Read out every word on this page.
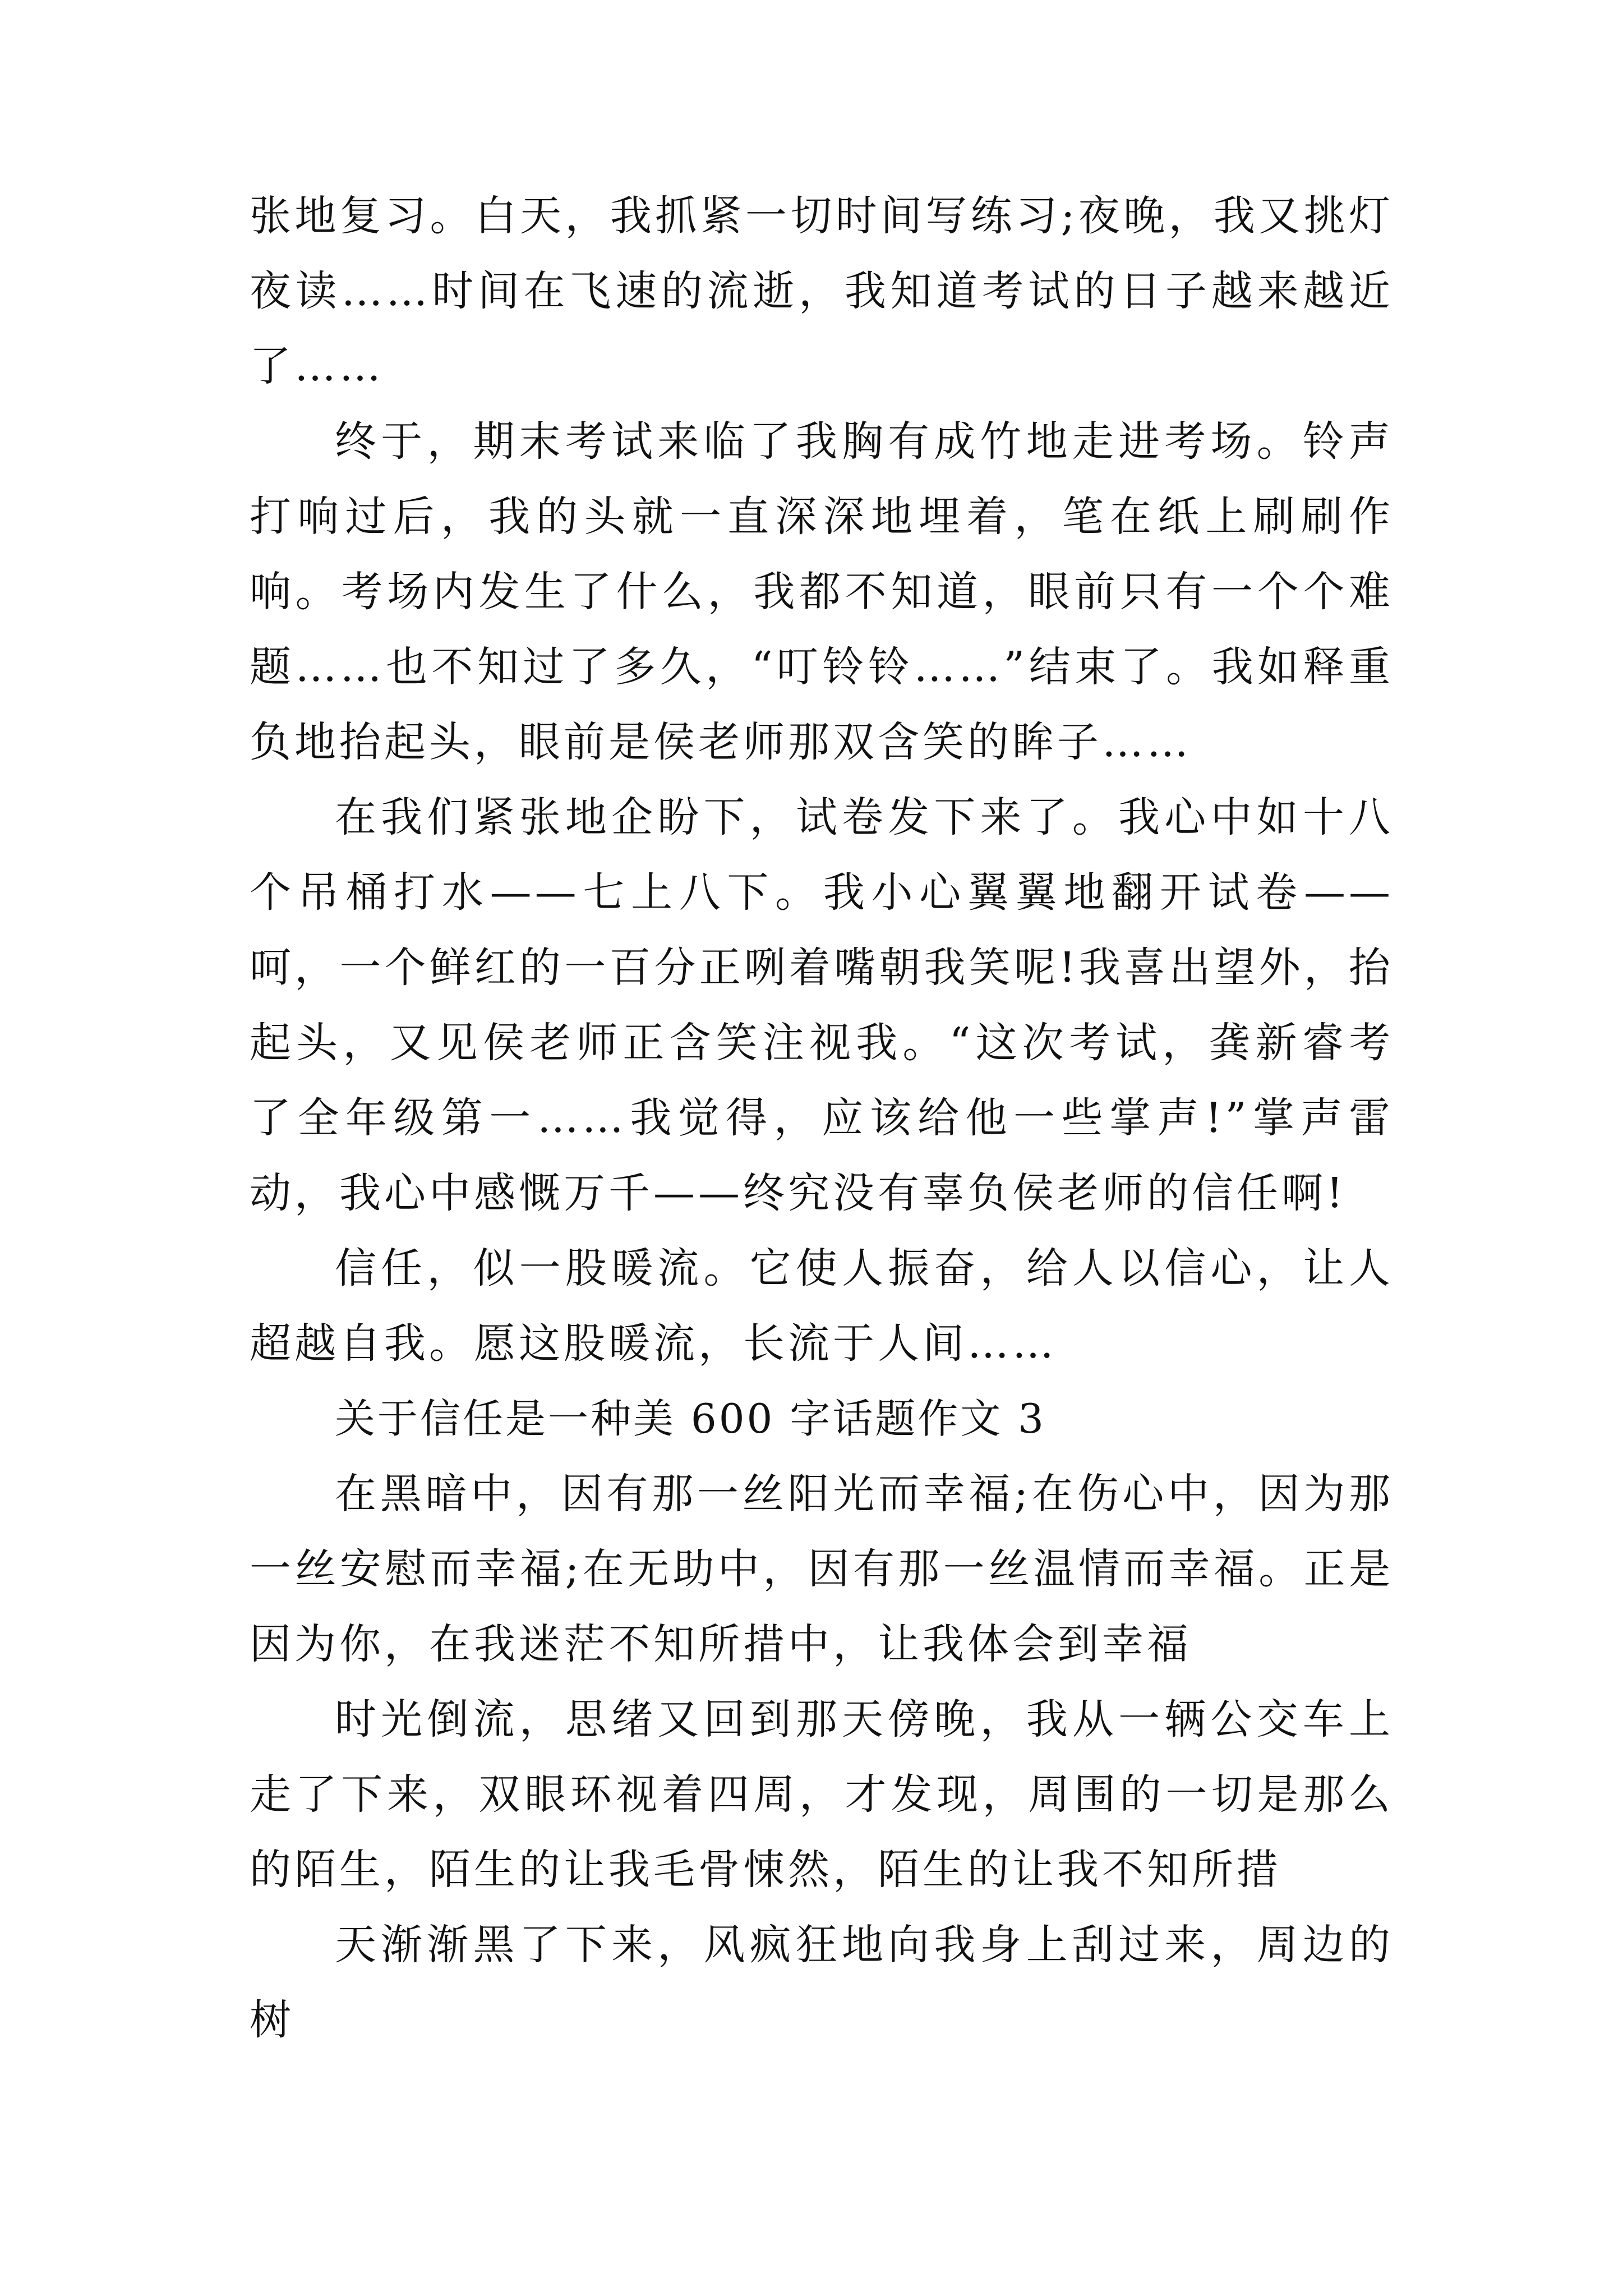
张地复习。白天，我抓紧一切时间写练习;夜晚，我又挑灯夜读……时间在飞速的流逝，我知道考试的日子越来越近了……

终于，期末考试来临了我胸有成竹地走进考场。铃声打响过后，我的头就一直深深地埋着，笔在纸上刷刷作响。考场内发生了什么，我都不知道，眼前只有一个个难题……也不知过了多久，“叮铃铃……”结束了。我如释重负地抬起头，眼前是侯老师那双含笑的眸子……

在我们紧张地企盼下，试卷发下来了。我心中如十八个吊桶打水——七上八下。我小心翼翼地翻开试卷——呵，一个鲜红的一百分正咧着嘴朝我笑呢!我喜出望外，抬起头，又见侯老师正含笑注视我。“这次考试，龚新睿考了全年级第一……我觉得，应该给他一些掌声!”掌声雷动，我心中感慨万千——终究没有辜负侯老师的信任啊!

信任，似一股暖流。它使人振奋，给人以信心，让人超越自我。愿这股暖流，长流于人间……

关于信任是一种美 600 字话题作文 3

在黑暗中，因有那一丝阳光而幸福;在伤心中，因为那一丝安慰而幸福;在无助中，因有那一丝温情而幸福。正是因为你，在我迷茫不知所措中，让我体会到幸福

时光倒流，思绪又回到那天傍晚，我从一辆公交车上走了下来，双眼环视着四周，才发现，周围的一切是那么的陌生，陌生的让我毛骨悚然，陌生的让我不知所措

天渐渐黑了下来，风疯狂地向我身上刮过来，周边的树
